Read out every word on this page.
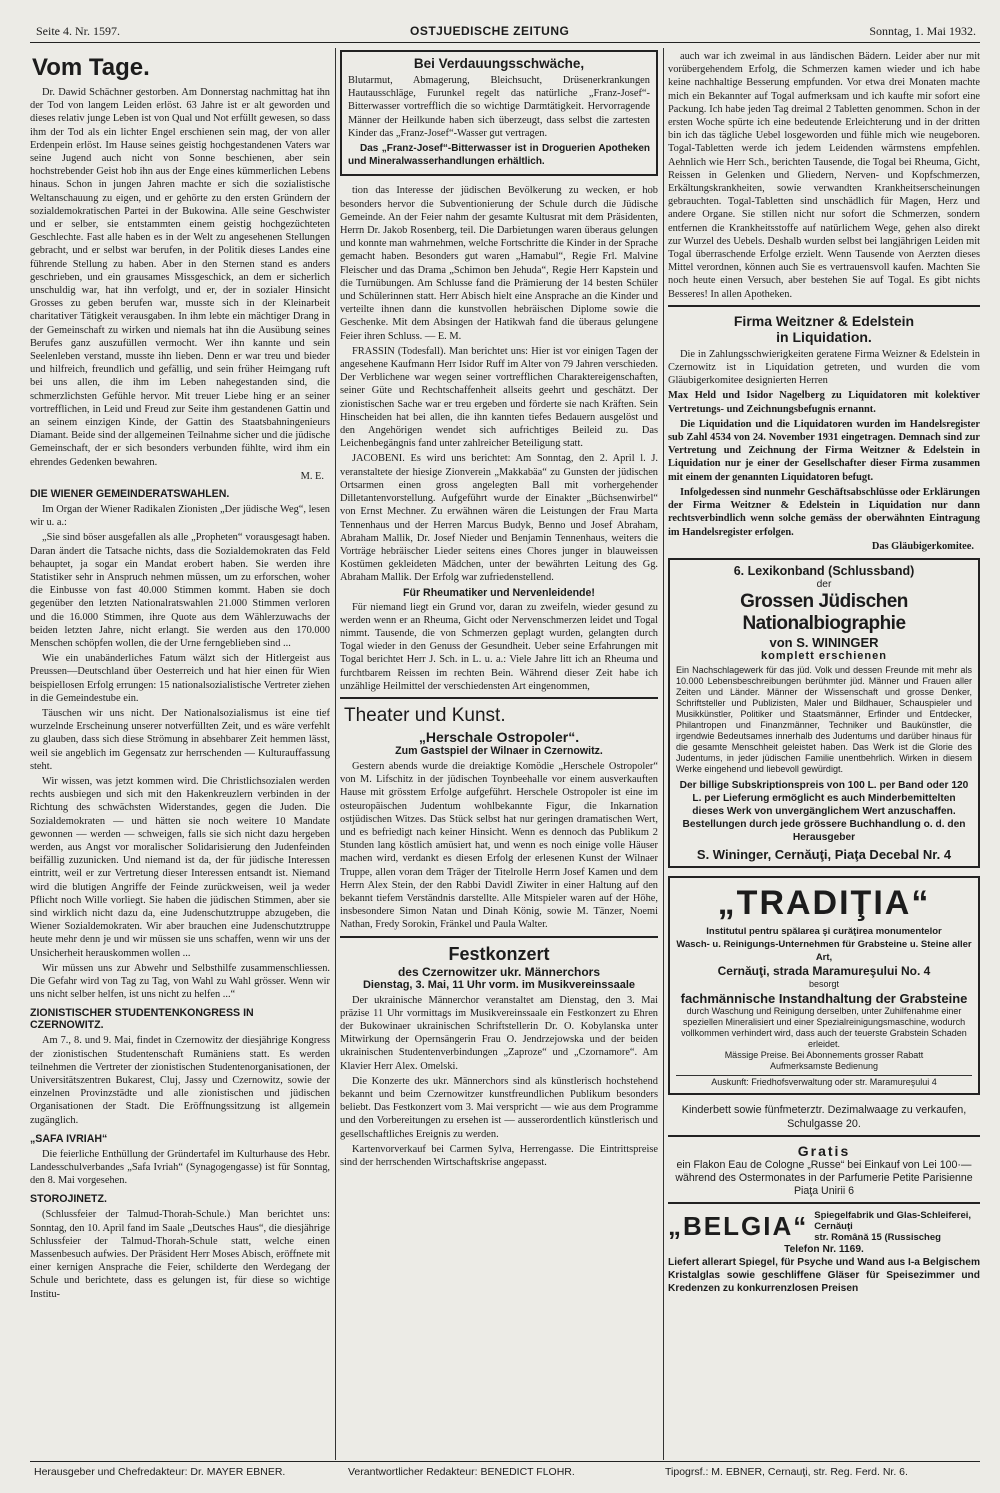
Seite 4. Nr. 1597.	OSTJUEDISCHE ZEITUNG	Sonntag, 1. Mai 1932.
Vom Tage.

Dr. Dawid Schächner gestorben. Am Donnerstag nachmittag hat ihn der Tod von langem Leiden erlöst. 63 Jahre ist er alt geworden und dieses relativ junge Leben ist von Qual und Not erfüllt gewesen, so dass ihm der Tod als ein lichter Engel erschienen sein mag, der von aller Erdenpein erlöst. Im Hause seines geistig hochgestandenen Vaters war seine Jugend auch nicht von Sonne beschienen, aber sein hochstrebender Geist hob ihn aus der Enge eines kümmerlichen Lebens hinaus. Schon in jungen Jahren machte er sich die sozialistische Weltanschauung zu eigen, und er gehörte zu den ersten Gründern der sozialdemokratischen Partei in der Bukowina. Alle seine Geschwister und er selber, sie entstammten einem geistig hochgezüchteten Geschlechte. Fast alle haben es in der Welt zu angesehenen Stellungen gebracht, und er selbst war berufen, in der Politik dieses Landes eine führende Stellung zu haben. Aber in den Sternen stand es anders geschrieben, und ein grausames Missgeschick, an dem er sicherlich unschuldig war, hat ihn verfolgt, und er, der in sozialer Hinsicht Grosses zu geben berufen war, musste sich in der Kleinarbeit charitativer Tätigkeit verausgaben. In ihm lebte ein mächtiger Drang in der Gemeinschaft zu wirken und niemals hat ihn die Ausübung seines Berufes ganz auszufüllen vermocht. Wer ihn kannte und sein Seelenleben verstand, musste ihn lieben. Denn er war treu und bieder und hilfreich, freundlich und gefällig, und sein früher Heimgang ruft bei uns allen, die ihm im Leben nahegestanden sind, die schmerzlichsten Gefühle hervor. Mit treuer Liebe hing er an seiner vortrefflichen, in Leid und Freud zur Seite ihm gestandenen Gattin und an seinem einzigen Kinde, der Gattin des Staatsbahningenieurs Diamant. Beide sind der allgemeinen Teilnahme sicher und die jüdische Gemeinschaft, der er sich besonders verbunden fühlte, wird ihm ein ehrendes Gedenken bewahren.

M. E.
DIE WIENER GEMEINDERATSWAHLEN.

Im Organ der Wiener Radikalen Zionisten „Der jüdische Weg“, lesen wir u. a.:

„Sie sind böser ausgefallen als alle „Propheten“ vorausgesagt haben. Daran ändert die Tatsache nichts, dass die Sozialdemokraten das Feld behauptet, ja sogar ein Mandat erobert haben. Sie werden ihre Statistiker sehr in Anspruch nehmen müssen, um zu erforschen, woher die Einbusse von fast 40.000 Stimmen kommt. Haben sie doch gegenüber den letzten Nationalratswahlen 21.000 Stimmen verloren und die 16.000 Stimmen, ihre Quote aus dem Wählerzuwachs der beiden letzten Jahre, nicht erlangt. Sie werden aus den 170.000 Menschen schöpfen wollen, die der Urne ferngeblieben sind ...

Wie ein unabänderliches Fatum wälzt sich der Hitlergeist aus Preussen—Deutschland über Oesterreich und hat hier einen für Wien beispiellosen Erfolg errungen: 15 nationalsozialistische Vertreter ziehen in die Gemeindestube ein.

Täuschen wir uns nicht. Der Nationalsozialismus ist eine tief wurzelnde Erscheinung unserer notverfüllten Zeit, und es wäre verfehlt zu glauben, dass sich diese Strömung in absehbarer Zeit hemmen lässt, weil sie angeblich im Gegensatz zur herrschenden — Kulturauffassung steht.

Wir wissen, was jetzt kommen wird. Die Christlichsozialen werden rechts ausbiegen und sich mit den Hakenkreuzlern verbinden in der Richtung des schwächsten Widerstandes, gegen die Juden. Die Sozialdemokraten — und hätten sie noch weitere 10 Mandate gewonnen — werden — schweigen, falls sie sich nicht dazu hergeben werden, aus Angst vor moralischer Solidarisierung den Judenfeinden beifällig zuzunicken. Und niemand ist da, der für jüdische Interessen eintritt, weil er zur Vertretung dieser Interessen entsandt ist. Niemand wird die blutigen Angriffe der Feinde zurückweisen, weil ja weder Pflicht noch Wille vorliegt. Sie haben die jüdischen Stimmen, aber sie sind wirklich nicht dazu da, eine Judenschutztruppe abzugeben, die Wiener Sozialdemokraten. Wir aber brauchen eine Judenschutztruppe heute mehr denn je und wir müssen sie uns schaffen, wenn wir uns der Unsicherheit herauskommen wollen ...

Wir müssen uns zur Abwehr und Selbsthilfe zusammenschliessen. Die Gefahr wird von Tag zu Tag, von Wahl zu Wahl grösser. Wenn wir uns nicht selber helfen, ist uns nicht zu helfen ...“

ZIONISTISCHER STUDENTENKONGRESS IN CZERNOWITZ.

Am 7., 8. und 9. Mai, findet in Czernowitz der diesjährige Kongress der zionistischen Studentenschaft Rumäniens statt. Es werden teilnehmen die Vertreter der zionistischen Studentenorganisationen, der Universitätszentren Bukarest, Cluj, Jassy und Czernowitz, sowie der einzelnen Provinzstädte und alle zionistischen und jüdischen Organisationen der Stadt. Die Eröffnungssitzung ist allgemein zugänglich.

„SAFA IVRIAH“

Die feierliche Enthüllung der Gründertafel im Kulturhause des Hebr. Landesschulverbandes „Safa Ivriah“ (Synagogengasse) ist für Sonntag, den 8. Mai vorgesehen.

STOROJINETZ.

(Schlussfeier der Talmud-Thorah-Schule.) Man berichtet uns: Sonntag, den 10. April fand im Saale „Deutsches Haus“, die diesjährige Schlussfeier der Talmud-Thorah-Schule statt, welche einen Massenbesuch aufwies. Der Präsident Herr Moses Abisch, eröffnete mit einer kernigen Ansprache die Feier, schilderte den Werdegang der Schule und berichtete, dass es gelungen ist, für diese so wichtige Institu-

Bei Verdauungsschwäche,

Blutarmut, Abmagerung, Bleichsucht, Drüsenerkrankungen Hautausschläge, Furunkel regelt das natürliche „Franz-Josef“-Bitterwasser vortrefflich die so wichtige Darmtätigkeit. Hervorragende Männer der Heilkunde haben sich überzeugt, dass selbst die zartesten Kinder das „Franz-Josef“-Wasser gut vertragen.

Das „Franz-Josef“-Bitterwasser ist in Droguerien Apotheken und Mineralwasserhandlungen erhältlich.

tion das Interesse der jüdischen Bevölkerung zu wecken, er hob besonders hervor die Subventionierung der Schule durch die Jüdische Gemeinde. An der Feier nahm der gesamte Kultusrat mit dem Präsidenten, Herrn Dr. Jakob Rosenberg, teil. Die Darbietungen waren überaus gelungen und konnte man wahrnehmen, welche Fortschritte die Kinder in der Sprache gemacht haben. Besonders gut waren „Hamabul“, Regie Frl. Malvine Fleischer und das Drama „Schimon ben Jehuda“, Regie Herr Kapstein und die Turnübungen. Am Schlusse fand die Prämierung der 14 besten Schüler und Schülerinnen statt. Herr Abisch hielt eine Ansprache an die Kinder und verteilte ihnen dann die kunstvollen hebräischen Diplome sowie die Geschenke. Mit dem Absingen der Hatikwah fand die überaus gelungene Feier ihren Schluss. — E. M.

FRASSIN (Todesfall). Man berichtet uns: Hier ist vor einigen Tagen der angesehene Kaufmann Herr Isidor Ruff im Alter von 79 Jahren verschieden. Der Verblichene war wegen seiner vortrefflichen Charaktereigenschaften, seiner Güte und Rechtschaffenheit allseits geehrt und geschätzt. Der zionistischen Sache war er treu ergeben und förderte sie nach Kräften. Sein Hinscheiden hat bei allen, die ihn kannten tiefes Bedauern ausgelöst und den Angehörigen wendet sich aufrichtiges Beileid zu. Das Leichenbegängnis fand unter zahlreicher Beteiligung statt.

JACOBENI. Es wird uns berichtet: Am Sonntag, den 2. April l. J. veranstaltete der hiesige Zionverein „Makkabäa“ zu Gunsten der jüdischen Ortsarmen einen gross angelegten Ball mit vorhergehender Dilletantenvorstellung. Aufgeführt wurde der Einakter „Büchsenwirbel“ von Ernst Mechner. Zu erwähnen wären die Leistungen der Frau Marta Tennenhaus und der Herren Marcus Budyk, Benno und Josef Abraham, Abraham Mallik, Dr. Josef Nieder und Benjamin Tennenhaus, weiters die Vorträge hebräischer Lieder seitens eines Chores junger in blauweissen Kostümen gekleideten Mädchen, unter der bewährten Leitung des Gg. Abraham Mallik. Der Erfolg war zufriedenstellend.

Für Rheumatiker und Nervenleidende!

Für niemand liegt ein Grund vor, daran zu zweifeln, wieder gesund zu werden wenn er an Rheuma, Gicht oder Nervenschmerzen leidet und Togal nimmt. Tausende, die von Schmerzen geplagt wurden, gelangten durch Togal wieder in den Genuss der Gesundheit. Ueber seine Erfahrungen mit Togal berichtet Herr J. Sch. in L. u. a.: Viele Jahre litt ich an Rheuma und furchtbarem Reissen im rechten Bein. Während dieser Zeit habe ich unzählige Heilmittel der verschiedensten Art eingenommen,

Theater und Kunst.
„Herschale Ostropoler“.
Zum Gastspiel der Wilnaer in Czernowitz.

Gestern abends wurde die dreiaktige Komödie „Herschele Ostropoler“ von M. Lifschitz in der jüdischen Toynbeehalle vor einem ausverkauften Hause mit grösstem Erfolge aufgeführt. Herschele Ostropoler ist eine im osteuropäischen Judentum wohlbekannte Figur, die Inkarnation ostjüdischen Witzes. Das Stück selbst hat nur geringen dramatischen Wert, und es befriedigt nach keiner Hinsicht. Wenn es dennoch das Publikum 2 Stunden lang köstlich amüsiert hat, und wenn es noch einige volle Häuser machen wird, verdankt es diesen Erfolg der erlesenen Kunst der Wilnaer Truppe, allen voran dem Träger der Titelrolle Herrn Josef Kamen und dem Herrn Alex Stein, der den Rabbi Davidl Ziwiter in einer Haltung auf den bekannt tiefem Verständnis darstellte. Alle Mitspieler waren auf der Höhe, insbesondere Simon Natan und Dinah König, sowie M. Tänzer, Noemi Nathan, Fredy Sorokin, Fränkel und Paula Walter.

Festkonzert
des Czernowitzer ukr. Männerchors
Dienstag, 3. Mai, 11 Uhr vorm. im Musikvereinssaale

Der ukrainische Männerchor veranstaltet am Dienstag, den 3. Mai präzise 11 Uhr vormittags im Musikvereinssaale ein Festkonzert zu Ehren der Bukowinaer ukrainischen Schriftstellerin Dr. O. Kobylanska unter Mitwirkung der Opernsängerin Frau O. Jendrzejowska und der beiden ukrainischen Studentenverbindungen „Zaproze“ und „Czornamore“. Am Klavier Herr Alex. Omelski.

Die Konzerte des ukr. Männerchors sind als künstlerisch hochstehend bekannt und beim Czernowitzer kunstfreundlichen Publikum besonders beliebt. Das Festkonzert vom 3. Mai verspricht — wie aus dem Programme und den Vorbereitungen zu ersehen ist — ausserordentlich künstlerisch und gesellschaftliches Ereignis zu werden.

Kartenvorverkauf bei Carmen Sylva, Herrengasse. Die Eintrittspreise sind der herrschenden Wirtschaftskrise angepasst.

auch war ich zweimal in aus ländischen Bädern. Leider aber nur mit vorübergehendem Erfolg, die Schmerzen kamen wieder und ich habe keine nachhaltige Besserung empfunden. Vor etwa drei Monaten machte mich ein Bekannter auf Togal aufmerksam und ich kaufte mir sofort eine Packung. Ich habe jeden Tag dreimal 2 Tabletten genommen. Schon in der ersten Woche spürte ich eine bedeutende Erleichterung und in der dritten bin ich das tägliche Uebel losgeworden und fühle mich wie neugeboren. Togal-Tabletten werde ich jedem Leidenden wärmstens empfehlen. Aehnlich wie Herr Sch., berichten Tausende, die Togal bei Rheuma, Gicht, Reissen in Gelenken und Gliedern, Nerven- und Kopfschmerzen, Erkältungskrankheiten, sowie verwandten Krankheitserscheinungen gebrauchten. Togal-Tabletten sind unschädlich für Magen, Herz und andere Organe. Sie stillen nicht nur sofort die Schmerzen, sondern entfernen die Krankheitsstoffe auf natürlichem Wege, gehen also direkt zur Wurzel des Uebels. Deshalb wurden selbst bei langjährigen Leiden mit Togal überraschende Erfolge erzielt. Wenn Tausende von Aerzten dieses Mittel verordnen, können auch Sie es vertrauensvoll kaufen. Machten Sie noch heute einen Versuch, aber bestehen Sie auf Togal. Es gibt nichts Besseres! In allen Apotheken.

Firma Weitzner & Edelstein
in Liquidation.

Die in Zahlungsschwierigkeiten geratene Firma Weizner & Edelstein in Czernowitz ist in Liquidation getreten, und wurden die vom Gläubigerkomitee designierten Herren

Max Held und Isidor Nagelberg zu Liquidatoren mit kolektiver Vertretungs- und Zeichnungsbefugnis ernannt.

Die Liquidation und die Liquidatoren wurden im Handelsregister sub Zahl 4534 von 24. November 1931 eingetragen. Demnach sind zur Vertretung und Zeichnung der Firma Weitzner & Edelstein in Liquidation nur je einer der Gesellschafter dieser Firma zusammen mit einem der genannten Liquidatoren befugt.

Infolgedessen sind nunmehr Geschäftsabschlüsse oder Erklärungen der Firma Weitzner & Edelstein in Liquidation nur dann rechtsverbindlich wenn solche gemäss der oberwähnten Eintragung im Handelsregister erfolgen.

Das Gläubigerkomitee.
6. Lexikonband (Schlussband)
der
Grossen Jüdischen Nationalbiographie
von S. WININGER
komplett erschienen
Ein Nachschlagewerk für das jüd. Volk und dessen Freunde mit mehr als 10.000 Lebensbeschreibungen berühmter jüd. Männer und Frauen aller Zeiten und Länder. Männer der Wissenschaft und grosse Denker, Schriftsteller und Publizisten, Maler und Bildhauer, Schauspieler und Musikkünstler, Politiker und Staatsmänner, Erfinder und Entdecker, Philantropen und Finanzmänner, Techniker und Baukünstler, die irgendwie Bedeutsames innerhalb des Judentums und darüber hinaus für die gesamte Menschheit geleistet haben. Das Werk ist die Glorie des Judentums, in jeder jüdischen Familie unentbehrlich. Wirken in diesem Werke eingehend und liebevoll gewürdigt.
Der billige Subskriptionspreis von 100 L. per Band oder 120 L. per Lieferung ermöglicht es auch Minderbemittelten dieses Werk von unvergänglichem Wert anzuschaffen. Bestellungen durch jede grössere Buchhandlung o. d. den Herausgeber
S. Wininger, Cernăuţi, Piaţa Decebal Nr. 4
„TRADIŢIA“
Institutul pentru spălarea şi curăţirea monumentelor
Wasch- u. Reinigungs-Unternehmen für Grabsteine u. Steine aller Art,
Cernăuţi, strada Maramureşului No. 4
besorgt
fachmännische Instandhaltung der Grabsteine
durch Waschung und Reinigung derselben, unter Zuhilfenahme einer speziellen Mineralisiert und einer Spezialreinigungsmaschine, wodurch vollkommen verhindert wird, dass auch der teuerste Grabstein Schaden erleidet.
Mässige Preise. Bei Abonnements grosser Rabatt
Aufmerksamste Bedienung
Auskunft: Friedhofsverwaltung oder str. Maramureşului 4

Kinderbett sowie fünfmeterztr. Dezimalwaage zu verkaufen, Schulgasse 20.

Gratis
ein Flakon Eau de Cologne „Russe“ bei Einkauf von Lei 100·— während des Ostermonates in der Parfumerie Petite Parisienne Piaţa Unirii 6
„BELGIA“ Spiegelfabrik und Glas-Schleiferei, Cernăuţi
str. Română 15 (Russischeg
Telefon Nr. 1169.
Liefert allerart Spiegel, für Psyche und Wand aus I-a Belgischem Kristalglas sowie geschliffene Gläser für Speisezimmer und Kredenzen zu konkurrenzlosen Preisen
Herausgeber und Chefredakteur: Dr. MAYER EBNER.	Verantwortlicher Redakteur: BENEDICT FLOHR.	Tipogrsf.: M. EBNER, Cernauţi, str. Reg. Ferd. Nr. 6.
